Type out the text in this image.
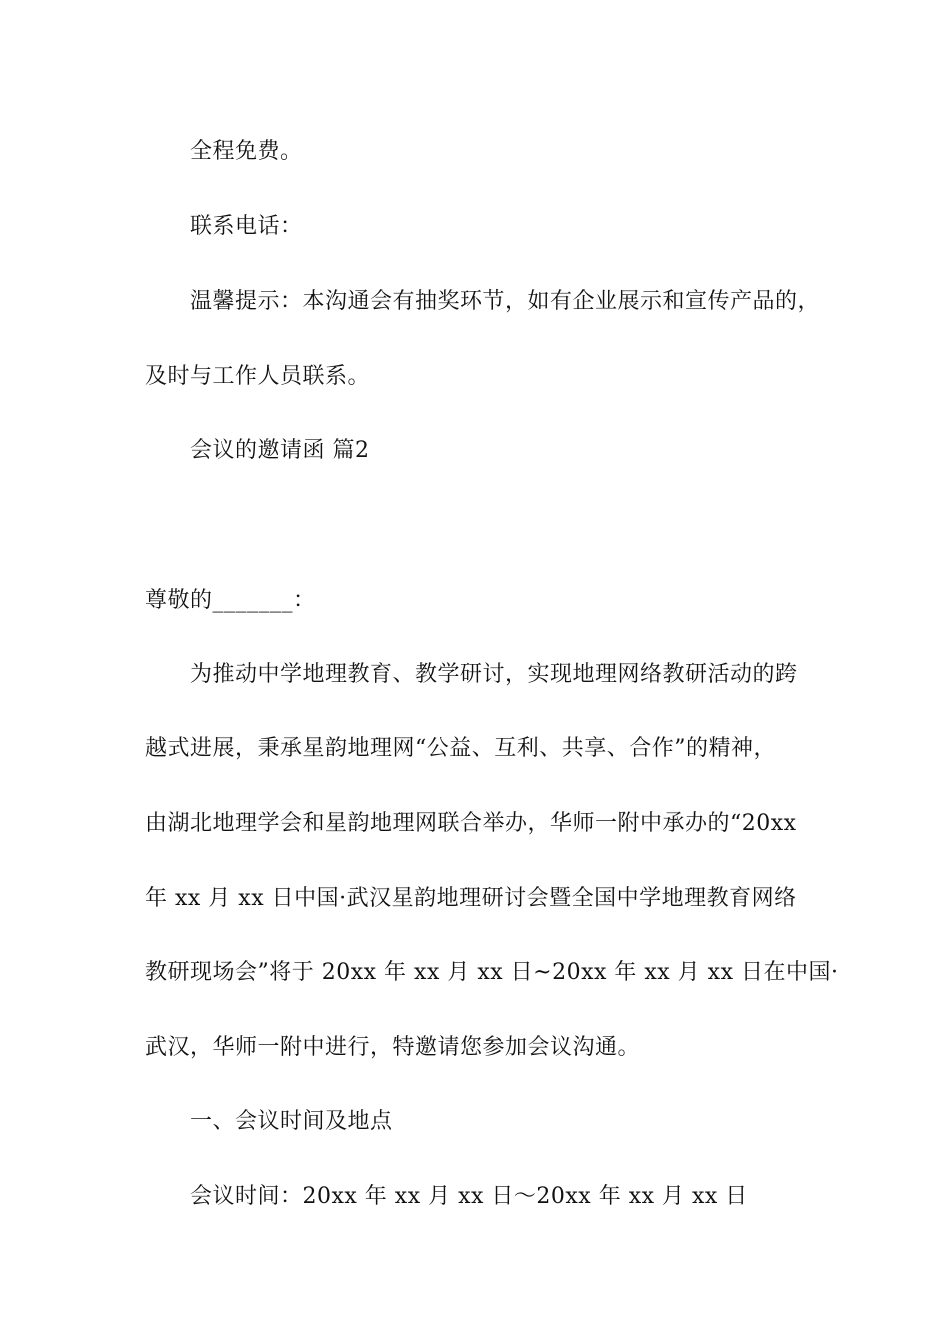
全程免费。
联系电话：
温馨提示：本沟通会有抽奖环节，如有企业展示和宣传产品的，
及时与工作人员联系。
会议的邀请函 篇2
尊敬的_______：
为推动中学地理教育、教学研讨，实现地理网络教研活动的跨
越式进展，秉承星韵地理网“公益、互利、共享、合作”的精神，
由湖北地理学会和星韵地理网联合举办，华师一附中承办的“20xx
年 xx 月 xx 日中国·武汉星韵地理研讨会暨全国中学地理教育网络
教研现场会”将于 20xx 年 xx 月 xx 日~20xx 年 xx 月 xx 日在中国·
武汉，华师一附中进行，特邀请您参加会议沟通。
一、会议时间及地点
会议时间：20xx 年 xx 月 xx 日～20xx 年 xx 月 xx 日
